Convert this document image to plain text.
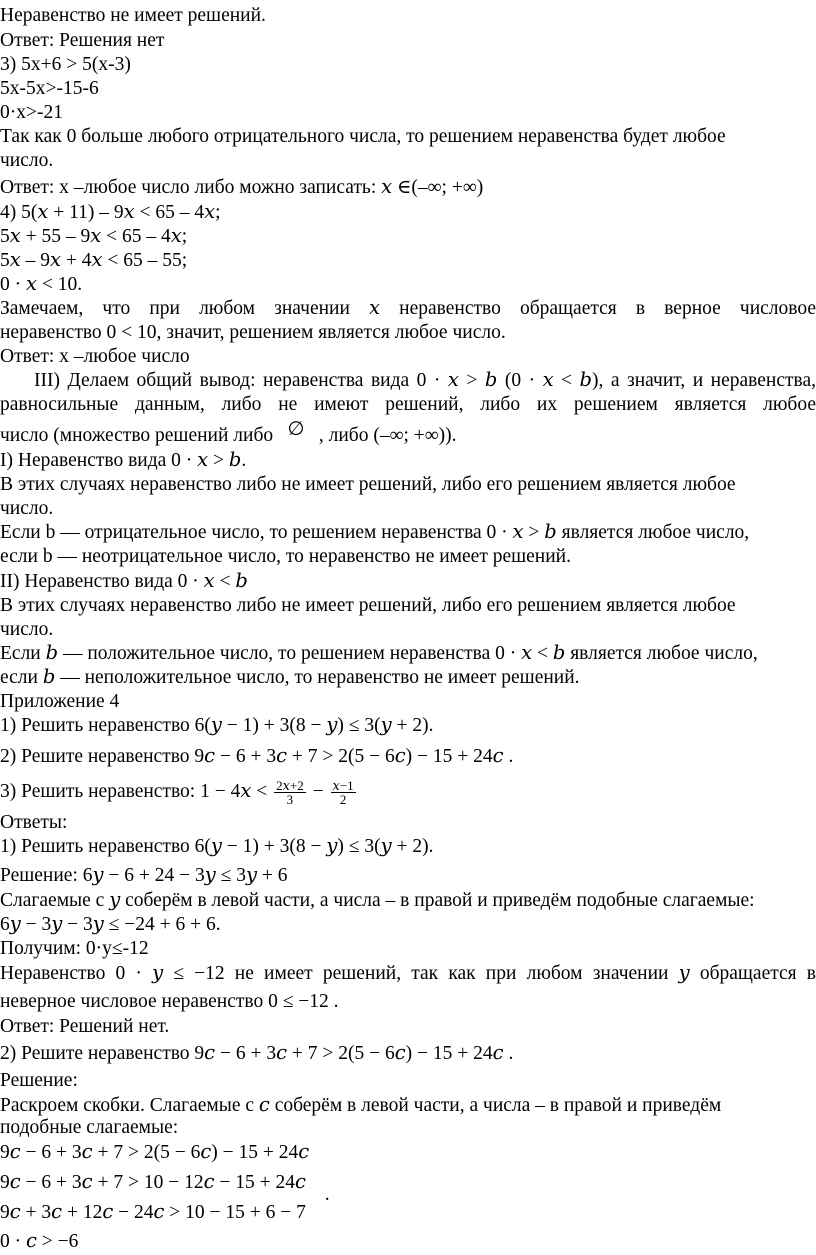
Неравенство не имеет решений.
Ответ: Решения нет
3) 5x+6 > 5(x-3)
5x-5x>-15-6
0·x>-21
Так как 0 больше любого отрицательного числа, то решением неравенства будет любое
число.
Ответ: x –любое число либо можно записать: 𝑥 ∈(–∞; +∞)
4) 5(𝑥 + 11) – 9𝑥 < 65 – 4𝑥;
5𝑥 + 55 – 9𝑥 < 65 – 4𝑥;
5𝑥 – 9𝑥 + 4𝑥 < 65 – 55;
0 · 𝑥 < 10.
Замечаем, что при любом значении 𝑥 неравенство обращается в верное числовое
неравенство 0 < 10, значит, решением является любое число.
Ответ: x –любое число
III) Делаем общий вывод: неравенства вида 0 · 𝑥 > 𝑏 (0 · 𝑥 < 𝑏), а значит, и неравенства,
равносильные данным, либо не имеют решений, либо их решением является любое
число (множество решений либо ∅ , либо (–∞; +∞)).
I) Неравенство вида 0 · 𝑥 > 𝑏.
В этих случаях неравенство либо не имеет решений, либо его решением является любое
число.
Если b — отрицательное число, то решением неравенства 0 · 𝑥 > 𝑏 является любое число,
если b — неотрицательное число, то неравенство не имеет решений.
II) Неравенство вида 0 · 𝑥 < 𝑏
В этих случаях неравенство либо не имеет решений, либо его решением является любое
число.
Если 𝑏 — положительное число, то решением неравенства 0 · 𝑥 < 𝑏 является любое число,
если 𝑏 — неположительное число, то неравенство не имеет решений.
Приложение 4
1) Решить неравенство 6(𝑦 − 1) + 3(8 − 𝑦) ≤ 3(𝑦 + 2).
2) Решите неравенство 9𝑐 − 6 + 3𝑐 + 7 > 2(5 − 6𝑐) − 15 + 24𝑐 .
3) Решить неравенство: 1 − 4𝑥 < $\frac{\text{2𝑥+2}}{3} - \frac{\text{𝑥−1}}{2}$
Ответы:
1) Решить неравенство 6(𝑦 − 1) + 3(8 − 𝑦) ≤ 3(𝑦 + 2).
Решение: 6𝑦 − 6 + 24 − 3𝑦 ≤ 3𝑦 + 6
Слагаемые с 𝑦 соберём в левой части, а числа – в правой и приведём подобные слагаемые:
6𝑦 − 3𝑦 − 3𝑦 ≤ −24 + 6 + 6.
Получим: 0·y≤-12
Неравенство 0 · 𝑦 ≤ −12 не имеет решений, так как при любом значении 𝑦 обращается в
неверное числовое неравенство 0 ≤ −12 .
Ответ: Решений нет.
2) Решите неравенство 9𝑐 − 6 + 3𝑐 + 7 > 2(5 − 6𝑐) − 15 + 24𝑐 .
Решение:
Раскроем скобки. Слагаемые с 𝑐 соберём в левой части, а числа – в правой и приведём
подобные слагаемые:
9𝑐 − 6 + 3𝑐 + 7 > 2(5 − 6𝑐) − 15 + 24𝑐
9𝑐 − 6 + 3𝑐 + 7 > 10 − 12𝑐 − 15 + 24𝑐 .
9𝑐 + 3𝑐 + 12𝑐 − 24𝑐 > 10 − 15 + 6 − 7
0 · 𝑐 > −6
